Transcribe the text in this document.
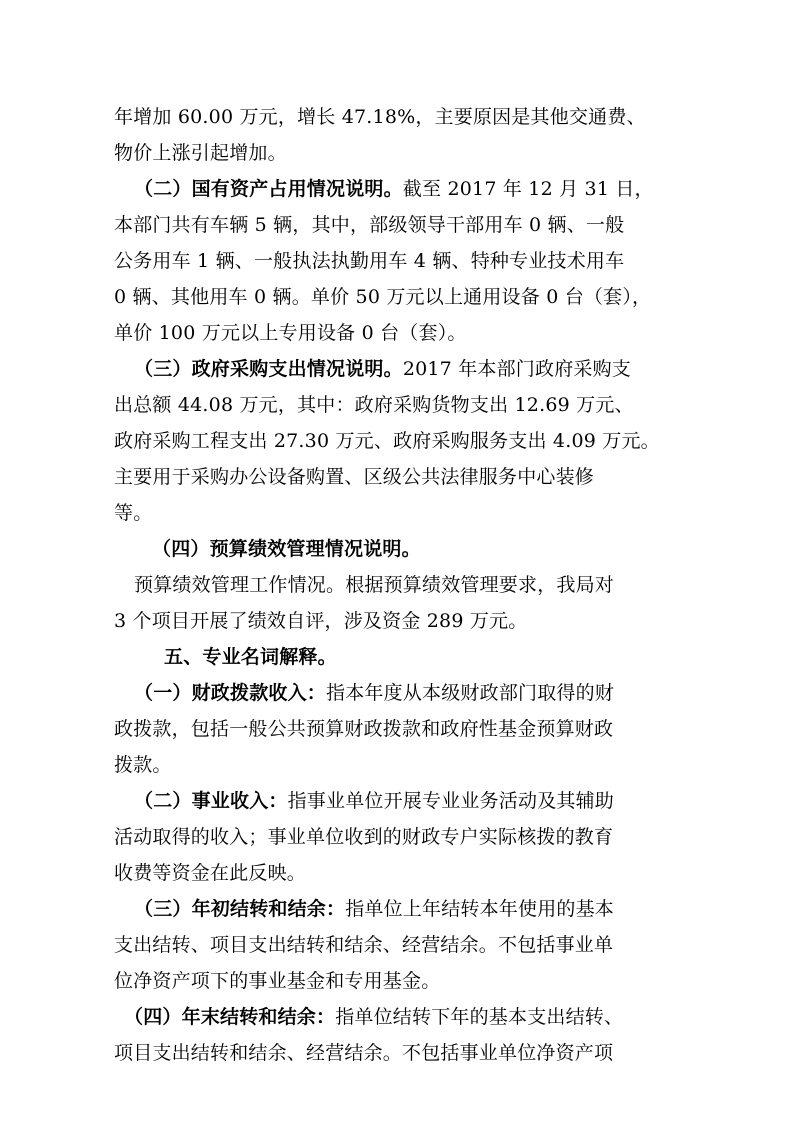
年增加 60.00 万元，增长 47.18%，主要原因是其他交通费、
物价上涨引起增加。
（二）国有资产占用情况说明。截至 2017 年 12 月 31 日，
本部门共有车辆 5 辆，其中，部级领导干部用车 0 辆、一般
公务用车 1 辆、一般执法执勤用车 4 辆、特种专业技术用车
0 辆、其他用车 0 辆。单价 50 万元以上通用设备 0 台（套），
单价 100 万元以上专用设备 0 台（套）。
（三）政府采购支出情况说明。2017 年本部门政府采购支
出总额 44.08 万元，其中：政府采购货物支出 12.69 万元、
政府采购工程支出 27.30 万元、政府采购服务支出 4.09 万元。
主要用于采购办公设备购置、区级公共法律服务中心装修
等。
（四）预算绩效管理情况说明。
预算绩效管理工作情况。根据预算绩效管理要求，我局对
3 个项目开展了绩效自评，涉及资金 289 万元。
五、专业名词解释。
（一）财政拨款收入：指本年度从本级财政部门取得的财
政拨款，包括一般公共预算财政拨款和政府性基金预算财政
拨款。
（二）事业收入：指事业单位开展专业业务活动及其辅助
活动取得的收入；事业单位收到的财政专户实际核拨的教育
收费等资金在此反映。
（三）年初结转和结余：指单位上年结转本年使用的基本
支出结转、项目支出结转和结余、经营结余。不包括事业单
位净资产项下的事业基金和专用基金。
（四）年末结转和结余：指单位结转下年的基本支出结转、
项目支出结转和结余、经营结余。不包括事业单位净资产项
